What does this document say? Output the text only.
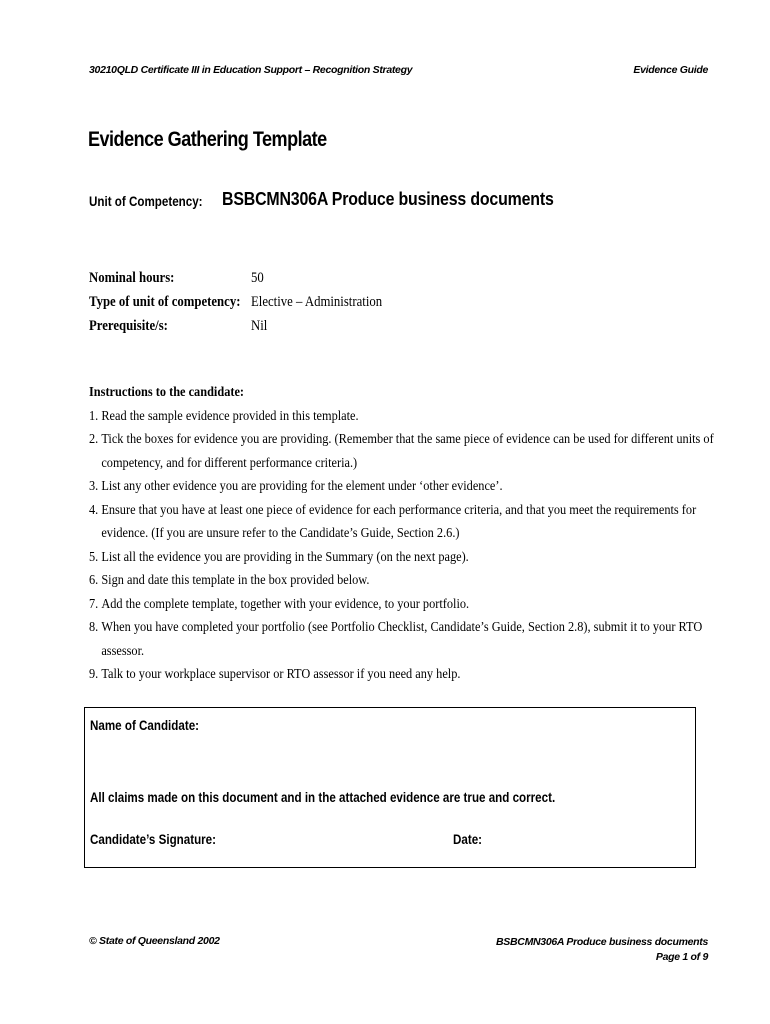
30210QLD Certificate III in Education Support – Recognition Strategy	Evidence Guide
Evidence Gathering Template
Unit of Competency: BSBCMN306A Produce business documents
Nominal hours:	50
Type of unit of competency: Elective – Administration
Prerequisite/s:	Nil
Instructions to the candidate:
1. Read the sample evidence provided in this template.
2. Tick the boxes for evidence you are providing. (Remember that the same piece of evidence can be used for different units of competency, and for different performance criteria.)
3. List any other evidence you are providing for the element under ‘other evidence’.
4. Ensure that you have at least one piece of evidence for each performance criteria, and that you meet the requirements for evidence. (If you are unsure refer to the Candidate’s Guide, Section 2.6.)
5. List all the evidence you are providing in the Summary (on the next page).
6. Sign and date this template in the box provided below.
7. Add the complete template, together with your evidence, to your portfolio.
8. When you have completed your portfolio (see Portfolio Checklist, Candidate’s Guide, Section 2.8), submit it to your RTO assessor.
9. Talk to your workplace supervisor or RTO assessor if you need any help.
Name of Candidate:
All claims made on this document and in the attached evidence are true and correct.
Candidate’s Signature:	Date:
© State of Queensland 2002	BSBCMN306A Produce business documents
Page 1 of 9
